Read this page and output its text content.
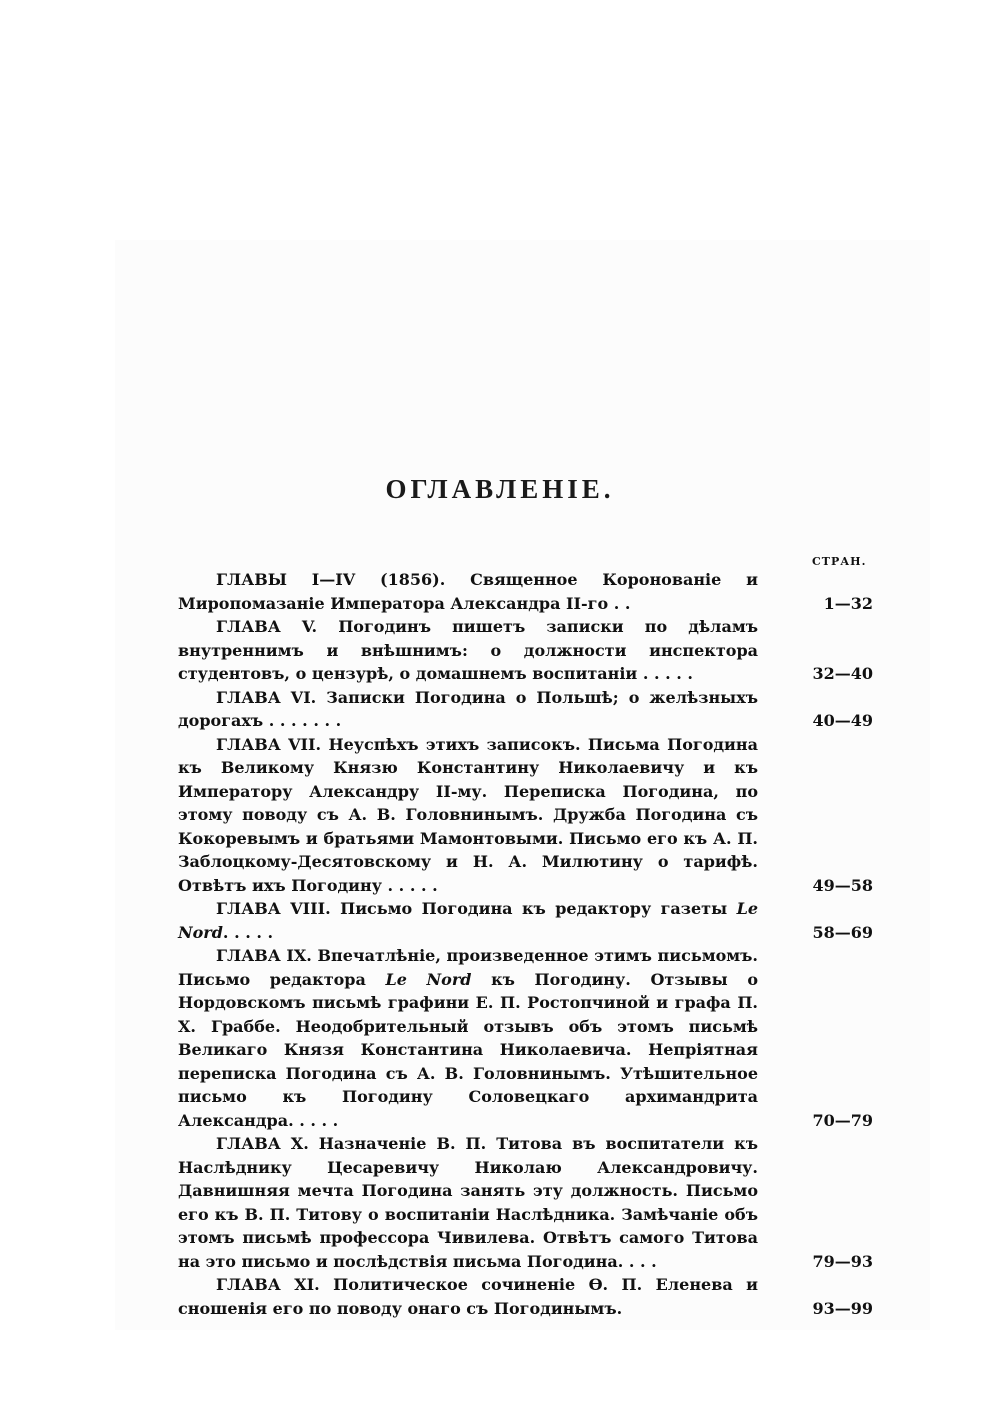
ОГЛАВЛЕНІЕ.
СТРАН.
ГЛАВЫ I—IV (1856). Священное Коронованіе и Миропомазаніе Императора Александра II-го . .	1—32
ГЛАВА V. Погодинъ пишетъ записки по дѣламъ внутреннимъ и внѣшнимъ: о должности инспектора студентовъ, о цензурѣ, о домашнемъ воспитаніи . . . . .	32—40
ГЛАВА VI. Записки Погодина о Польшѣ; о желѣзныхъ дорогахъ . . . . . . .	40—49
ГЛАВА VII. Неуспѣхъ этихъ записокъ. Письма Погодина къ Великому Князю Константину Николаевичу и къ Императору Александру II-му. Переписка Погодина, по этому поводу съ А. В. Головнинымъ. Дружба Погодина съ Кокоревымъ и братьями Мамонтовыми. Письмо его къ А. П. Заблоцкому-Десятовскому и Н. А. Милютину о тарифѣ. Отвѣтъ ихъ Погодину . . . . .	49—58
ГЛАВА VIII. Письмо Погодина къ редактору газеты Le Nord. . . . .	58—69
ГЛАВА IX. Впечатлѣніе, произведенное этимъ письмомъ. Письмо редактора Le Nord къ Погодину. Отзывы о Нордовскомъ письмѣ графини Е. П. Ростопчиной и графа П. Х. Граббе. Неодобрительный отзывъ объ этомъ письмѣ Великаго Князя Константина Николаевича. Непріятная переписка Погодина съ А. В. Головнинымъ. Утѣшительное письмо къ Погодину Соловецкаго архимандрита Александра. . . . .	70—79
ГЛАВА X. Назначеніе В. П. Титова въ воспитатели къ Наслѣднику Цесаревичу Николаю Александровичу. Давнишняя мечта Погодина занять эту должность. Письмо его къ В. П. Титову о воспитаніи Наслѣдника. Замѣчаніе объ этомъ письмѣ профессора Чивилева. Отвѣтъ самого Титова на это письмо и послѣдствія письма Погодина. . . .	79—93
ГЛАВА XI. Политическое сочиненіе Ѳ. П. Еленева и сношенія его по поводу онаго съ Погодинымъ.	93—99
